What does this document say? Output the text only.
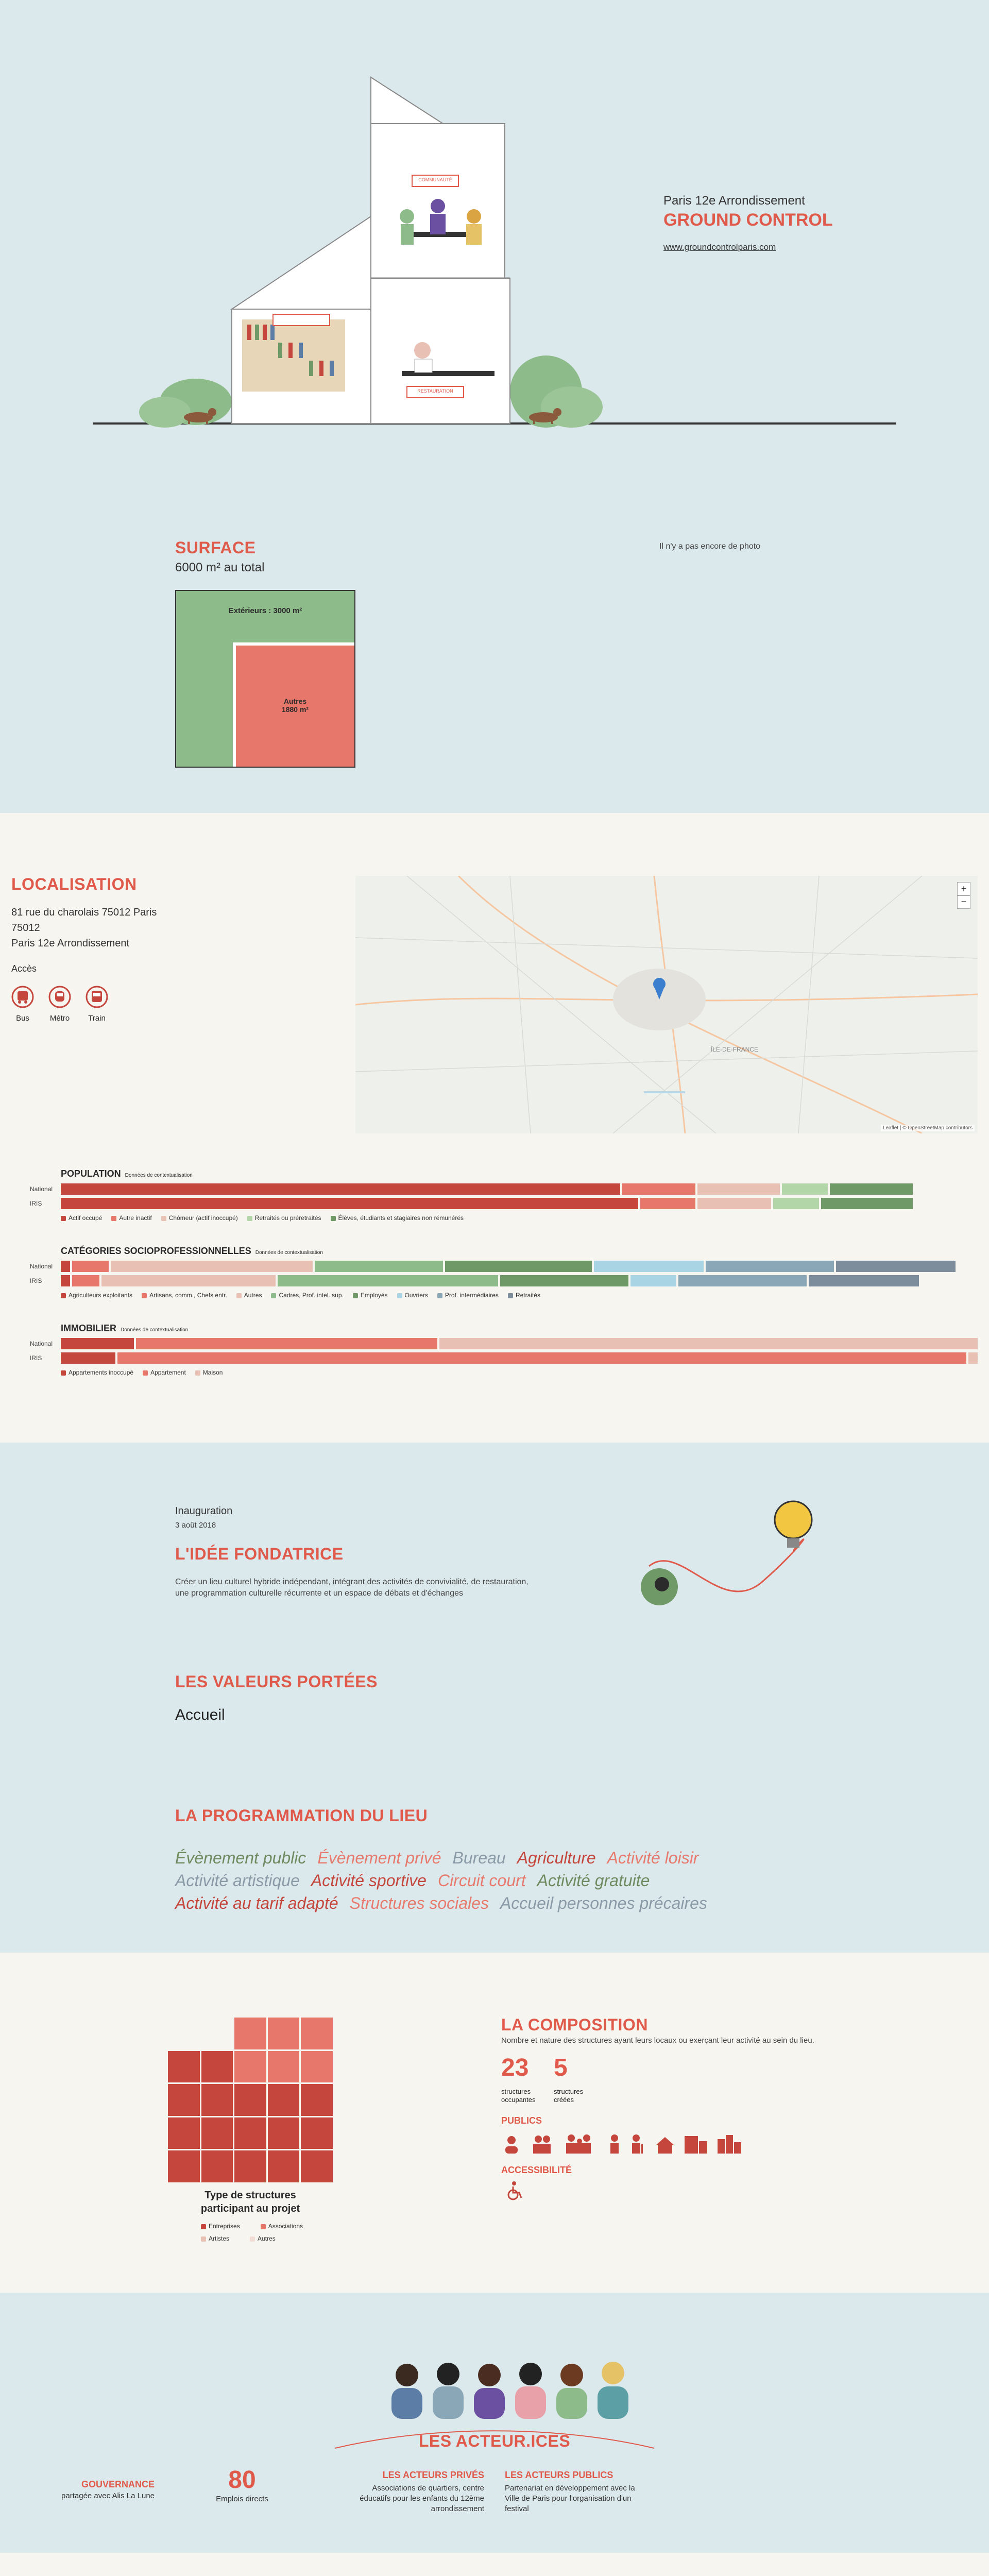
COMMUNAUTÉ
RESTAURATION
Paris 12e Arrondissement
GROUND CONTROL
www.groundcontrolparis.com
SURFACE
6000 m² au total
Extérieurs : 3000 m²
Autres
1880 m²
Il n'y a pas encore de photo
LOCALISATION
81 rue du charolais 75012 Paris
75012
Paris 12e Arrondissement
Accès
Bus	Métro	Train
+
−
ÎLE-DE-FRANCE
Leaflet | © OpenStreetMap contributors
POPULATION Données de contextualisation
National
IRIS
Actif occupé	Autre inactif	Chômeur (actif inoccupé)	Retraités ou préretraités	Élèves, étudiants et stagiaires non rémunérés
CATÉGORIES SOCIOPROFESSIONNELLES Données de contextualisation
National
IRIS
Agriculteurs exploitants	Artisans, comm., Chefs entr.	Autres	Cadres, Prof. intel. sup.	Employés	Ouvriers	Prof. intermédiaires	Retraités
IMMOBILIER Données de contextualisation
National
IRIS
Appartements inoccupé	Appartement	Maison
Inauguration
3 août 2018
L'IDÉE FONDATRICE
Créer un lieu culturel hybride indépendant, intégrant des activités de convivialité, de restauration, une programmation culturelle récurrente et un espace de débats et d'échanges
LES VALEURS PORTÉES
Accueil
LA PROGRAMMATION DU LIEU
Évènement public Évènement privé Bureau Agriculture Activité loisir
Activité artistique Activité sportive Circuit court Activité gratuite
Activité au tarif adapté Structures sociales Accueil personnes précaires
Type de structures
participant au projet
Entreprises	Associations
Artistes	Autres
LA COMPOSITION
Nombre et nature des structures ayant leurs locaux ou exerçant leur activité au sein du lieu.
23
structures
occupantes
5
structures
créées
PUBLICS
ACCESSIBILITÉ
LES ACTEUR.ICES
GOUVERNANCE
partagée avec Alis La Lune
80
Emplois directs
LES ACTEURS PRIVÉS
Associations de quartiers, centre éducatifs pour les enfants du 12ème arrondissement
LES ACTEURS PUBLICS
Partenariat en développement avec la Ville de Paris pour l'organisation d'un festival
